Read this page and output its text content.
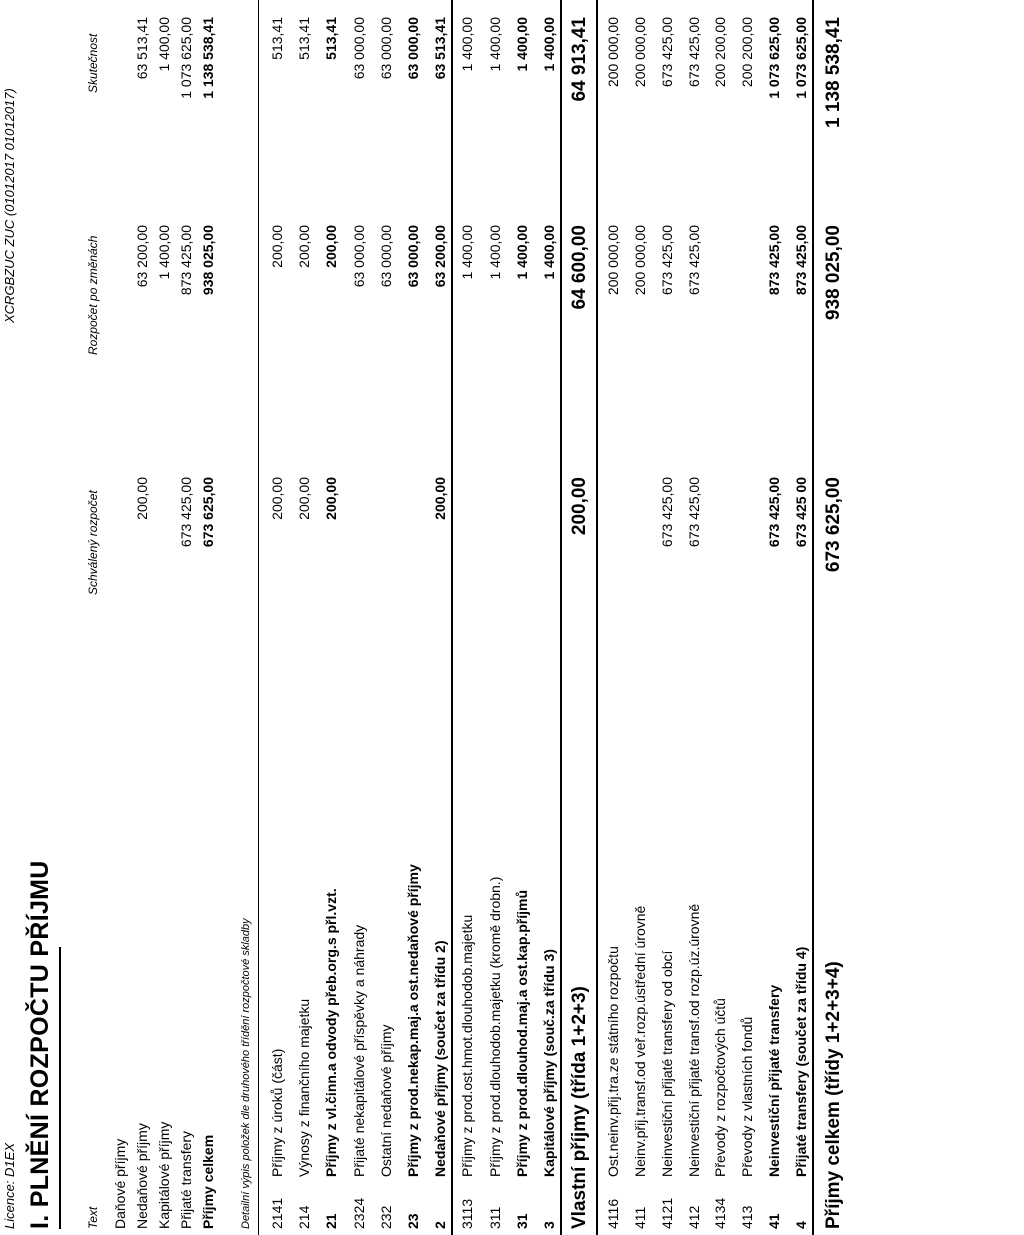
Licence: D1EX
XCRGBZUC ZUC (01012017 01012017)
I. PLNĚNÍ ROZPOČTU PŘÍJMU	Text
Schválený rozpočet
Rozpočet po změnách
Skutečnost
Detailní výpis položek dle druhového třídění rozpočtové skladby
Daňové příjmy Nedaňové příjmy
200,00
63 200,00
63 513,41
Kapitálové příjmy
1 400,00
1 400,00
Přijaté transfery
673 425,00
873 425,00
1 073 625,00
Příjmy celkem
673 625,00
938 025,00
1 138 538,41
2141
Příjmy z úroků (část)
200,00
200,00
513,41
214
Výnosy z finančního majetku
200,00
200,00
513,41
21
Příjmy z vl.činn.a odvody přeb.org.s přl.vzt.
200,00
200,00
513,41
2324
Přijaté nekapitálové příspěvky a náhrady
63 000,00
63 000,00
232
Ostatní nedaňové příjmy
63 000,00
63 000,00
23
Příjmy z prod.nekap.maj.a ost.nedaňové příjmy
63 000,00
63 000,00
2
Nedaňové příjmy (součet za třídu 2)
200,00
63 200,00
63 513,41
3113
Příjmy z prod.ost.hmot.dlouhodob.majetku
1 400,00
1 400,00
311
Příjmy z prod.dlouhodob.majetku (kromě drobn.)
1 400,00
1 400,00
31
Příjmy z prod.dlouhod.maj.a ost.kap.příjmů
1 400,00
1 400,00
3
Kapitálové příjmy (souč.za třídu 3)
1 400,00
1 400,00
Vlastní příjmy (třída 1+2+3)
200,00
64 600,00
64 913,41
4116
Ost.neinv.přij.tra.ze státního rozpočtu
200 000,00
200 000,00
411
Neinv.přij.transf.od veř.rozp.ústřední úrovně
200 000,00
200 000,00
4121
Neinvestiční přijaté transfery od obcí
673 425,00
673 425,00
673 425,00
412
Neinvestiční přijaté transf.od rozp.úz.úrovně
673 425,00
673 425,00
673 425,00
4134
Převody z rozpočtových účtů
200 200,00
413
Převody z vlastních fondů
200 200,00
41
Neinvestiční přijaté transfery
673 425,00
873 425,00
1 073 625,00
4
Přijaté transfery (součet za třídu 4)
673 425 00
873 425,00
1 073 625,00
Příjmy celkem (třídy 1+2+3+4)
673 625,00
938 025,00
1 138 538,41
